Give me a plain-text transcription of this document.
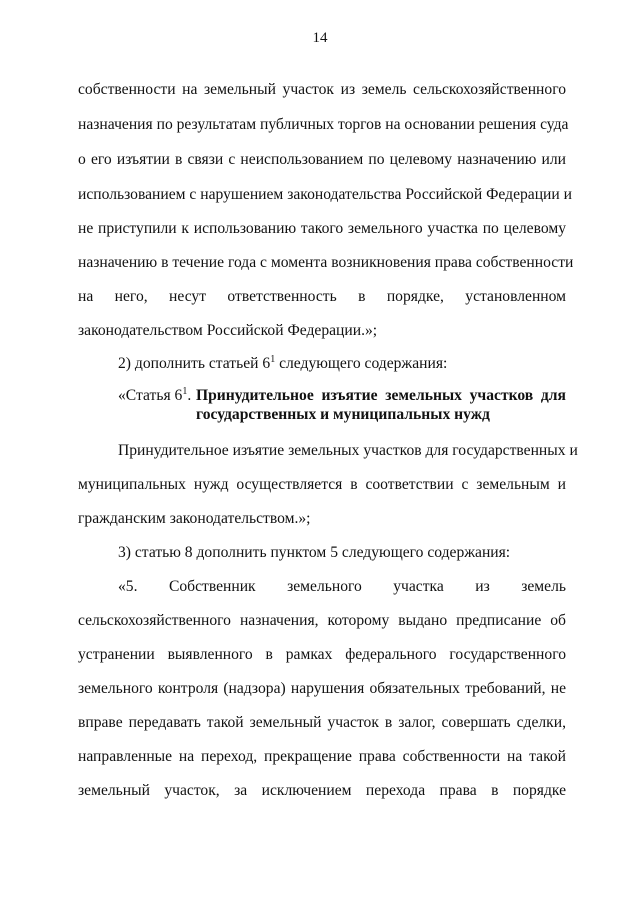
14
собственности на земельный участок из земель сельскохозяйственного
назначения по результатам публичных торгов на основании решения суда
о его изъятии в связи с неиспользованием по целевому назначению или
использованием с нарушением законодательства Российской Федерации и
не приступили к использованию такого земельного участка по целевому
назначению в течение года с момента возникновения права собственности
на него, несут ответственность в порядке, установленном
законодательством Российской Федерации.»;
2) дополнить статьей $6^1$ следующего содержания:
«Статья $6^1$. Принудительное изъятие земельных участков для государственных и муниципальных нужд
Принудительное изъятие земельных участков для государственных и
муниципальных нужд осуществляется в соответствии с земельным и
гражданским законодательством.»;
3) статью 8 дополнить пунктом 5 следующего содержания:
«5. Собственник земельного участка из земель
сельскохозяйственного назначения, которому выдано предписание об
устранении выявленного в рамках федерального государственного
земельного контроля (надзора) нарушения обязательных требований, не
вправе передавать такой земельный участок в залог, совершать сделки,
направленные на переход, прекращение права собственности на такой
земельный участок, за исключением перехода права в порядке
